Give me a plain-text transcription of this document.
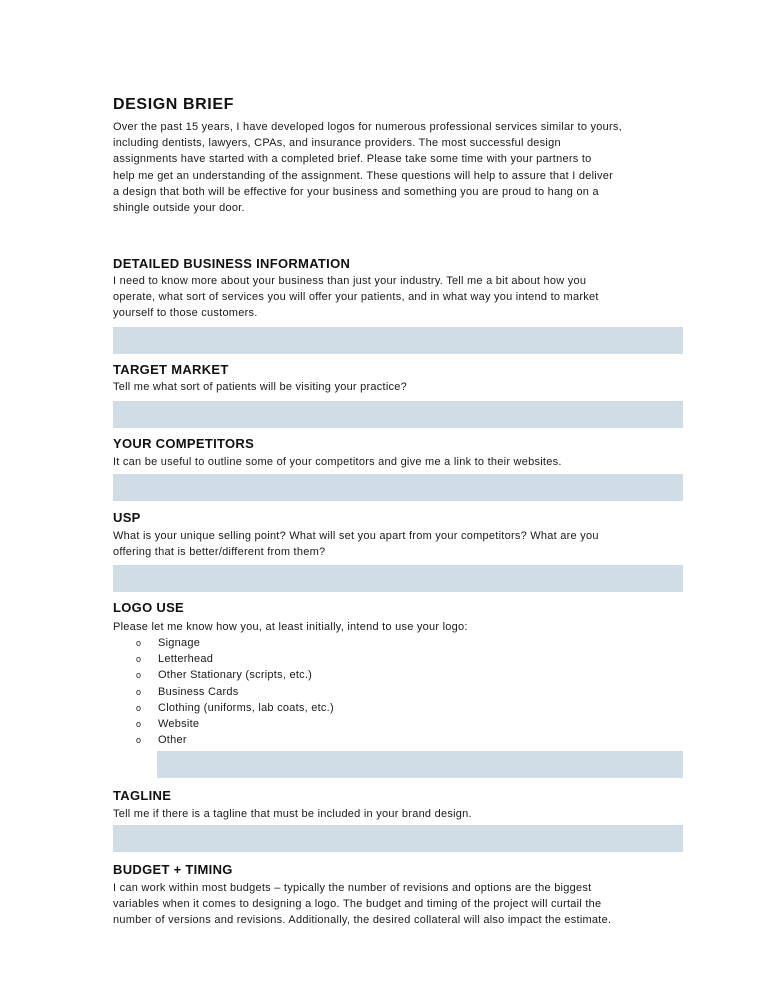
DESIGN BRIEF
Over the past 15 years, I have developed logos for numerous professional services similar to yours,
including dentists, lawyers, CPAs, and insurance providers. The most successful design
assignments have started with a completed brief. Please take some time with your partners to
help me get an understanding of the assignment. These questions will help to assure that I deliver
a design that both will be effective for your business and something you are proud to hang on a
shingle outside your door.
DETAILED BUSINESS INFORMATION
I need to know more about your business than just your industry. Tell me a bit about how you
operate, what sort of services you will offer your patients, and in what way you intend to market
yourself to those customers.
TARGET MARKET
Tell me what sort of patients will be visiting your practice?
YOUR COMPETITORS
It can be useful to outline some of your competitors and give me a link to their websites.
USP
What is your unique selling point? What will set you apart from your competitors? What are you
offering that is better/different from them?
LOGO USE
Please let me know how you, at least initially, intend to use your logo:
o	Signage
o	Letterhead
o	Other Stationary (scripts, etc.)
o	Business Cards
o	Clothing (uniforms, lab coats, etc.)
o	Website
o	Other
TAGLINE
Tell me if there is a tagline that must be included in your brand design.
BUDGET + TIMING
I can work within most budgets – typically the number of revisions and options are the biggest
variables when it comes to designing a logo. The budget and timing of the project will curtail the
number of versions and revisions. Additionally, the desired collateral will also impact the estimate.
